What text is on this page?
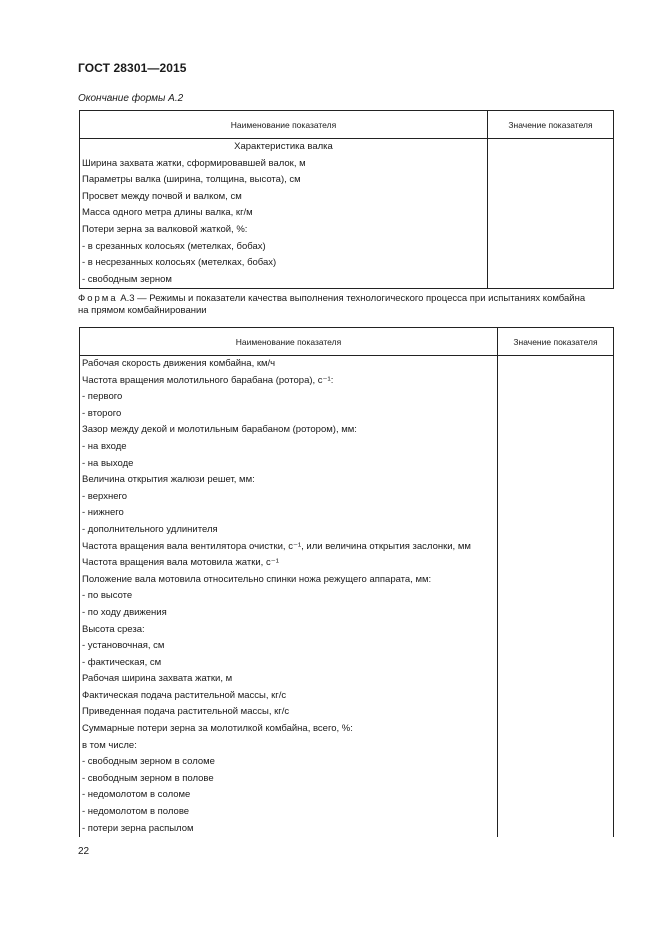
ГОСТ 28301—2015
Окончание формы А.2
Наименование показателя	Значение показателя
Характеристика валка	
Ширина захвата жатки, сформировавшей валок, м	
Параметры валка (ширина, толщина, высота), см	
Просвет между почвой и валком, см	
Масса одного метра длины валка, кг/м	
Потери зерна за валковой жаткой, %:	
- в срезанных колосьях (метелках, бобах)	
- в несрезанных колосьях (метелках, бобах)	
- свободным зерном	
Форма А.3 — Режимы и показатели качества выполнения технологического процесса при испытаниях комбайна
на прямом комбайнировании
Наименование показателя	Значение показателя
Рабочая скорость движения комбайна, км/ч	
Частота вращения молотильного барабана (ротора), с⁻¹:	
- первого	
- второго	
Зазор между декой и молотильным барабаном (ротором), мм:	
- на входе	
- на выходе	
Величина открытия жалюзи решет, мм:	
- верхнего	
- нижнего	
- дополнительного удлинителя	
Частота вращения вала вентилятора очистки, с⁻¹, или величина открытия заслонки, мм	
Частота вращения вала мотовила жатки, с⁻¹	
Положение вала мотовила относительно спинки ножа режущего аппарата, мм:	
- по высоте	
- по ходу движения	
Высота среза:	
- установочная, см	
- фактическая, см	
Рабочая ширина захвата жатки, м	
Фактическая подача растительной массы, кг/с	
Приведенная подача растительной массы, кг/с	
Суммарные потери зерна за молотилкой комбайна, всего, %:	
в том числе:	
- свободным зерном в соломе	
- свободным зерном в полове	
- недомолотом в соломе	
- недомолотом в полове	
- потери зерна распылом	
22
